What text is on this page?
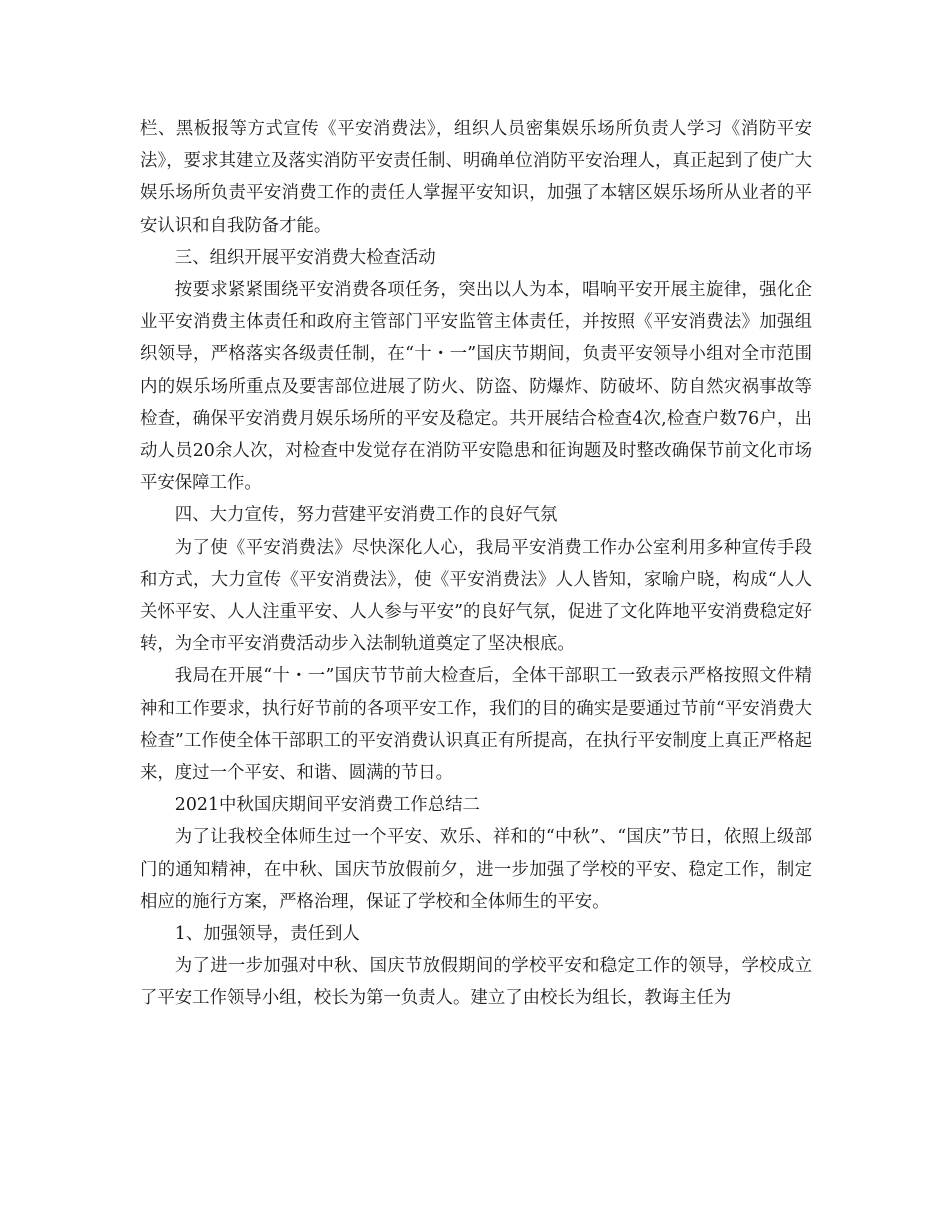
栏、黑板报等方式宣传《平安消费法》，组织人员密集娱乐场所负责人学习《消防平安法》，要求其建立及落实消防平安责任制、明确单位消防平安治理人，真正起到了使广大娱乐场所负责平安消费工作的责任人掌握平安知识，加强了本辖区娱乐场所从业者的平安认识和自我防备才能。

三、组织开展平安消费大检查活动

按要求紧紧围绕平安消费各项任务，突出以人为本，唱响平安开展主旋律，强化企业平安消费主体责任和政府主管部门平安监管主体责任，并按照《平安消费法》加强组织领导，严格落实各级责任制，在“十・一”国庆节期间，负责平安领导小组对全市范围内的娱乐场所重点及要害部位进展了防火、防盗、防爆炸、防破坏、防自然灾祸事故等检查，确保平安消费月娱乐场所的平安及稳定。共开展结合检查4次,检查户数76户，出动人员20余人次，对检查中发觉存在消防平安隐患和征询题及时整改确保节前文化市场平安保障工作。

四、大力宣传，努力营建平安消费工作的良好气氛

为了使《平安消费法》尽快深化人心，我局平安消费工作办公室利用多种宣传手段和方式，大力宣传《平安消费法》，使《平安消费法》人人皆知，家喻户晓，构成“人人关怀平安、人人注重平安、人人参与平安”的良好气氛，促进了文化阵地平安消费稳定好转，为全市平安消费活动步入法制轨道奠定了坚决根底。

我局在开展“十・一”国庆节节前大检查后，全体干部职工一致表示严格按照文件精神和工作要求，执行好节前的各项平安工作，我们的目的确实是要通过节前“平安消费大检查”工作使全体干部职工的平安消费认识真正有所提高，在执行平安制度上真正严格起来，度过一个平安、和谐、圆满的节日。

2021中秋国庆期间平安消费工作总结二

为了让我校全体师生过一个平安、欢乐、祥和的“中秋”、“国庆”节日，依照上级部门的通知精神，在中秋、国庆节放假前夕，进一步加强了学校的平安、稳定工作，制定相应的施行方案，严格治理，保证了学校和全体师生的平安。

1、加强领导，责任到人

为了进一步加强对中秋、国庆节放假期间的学校平安和稳定工作的领导，学校成立了平安工作领导小组，校长为第一负责人。建立了由校长为组长，教诲主任为
